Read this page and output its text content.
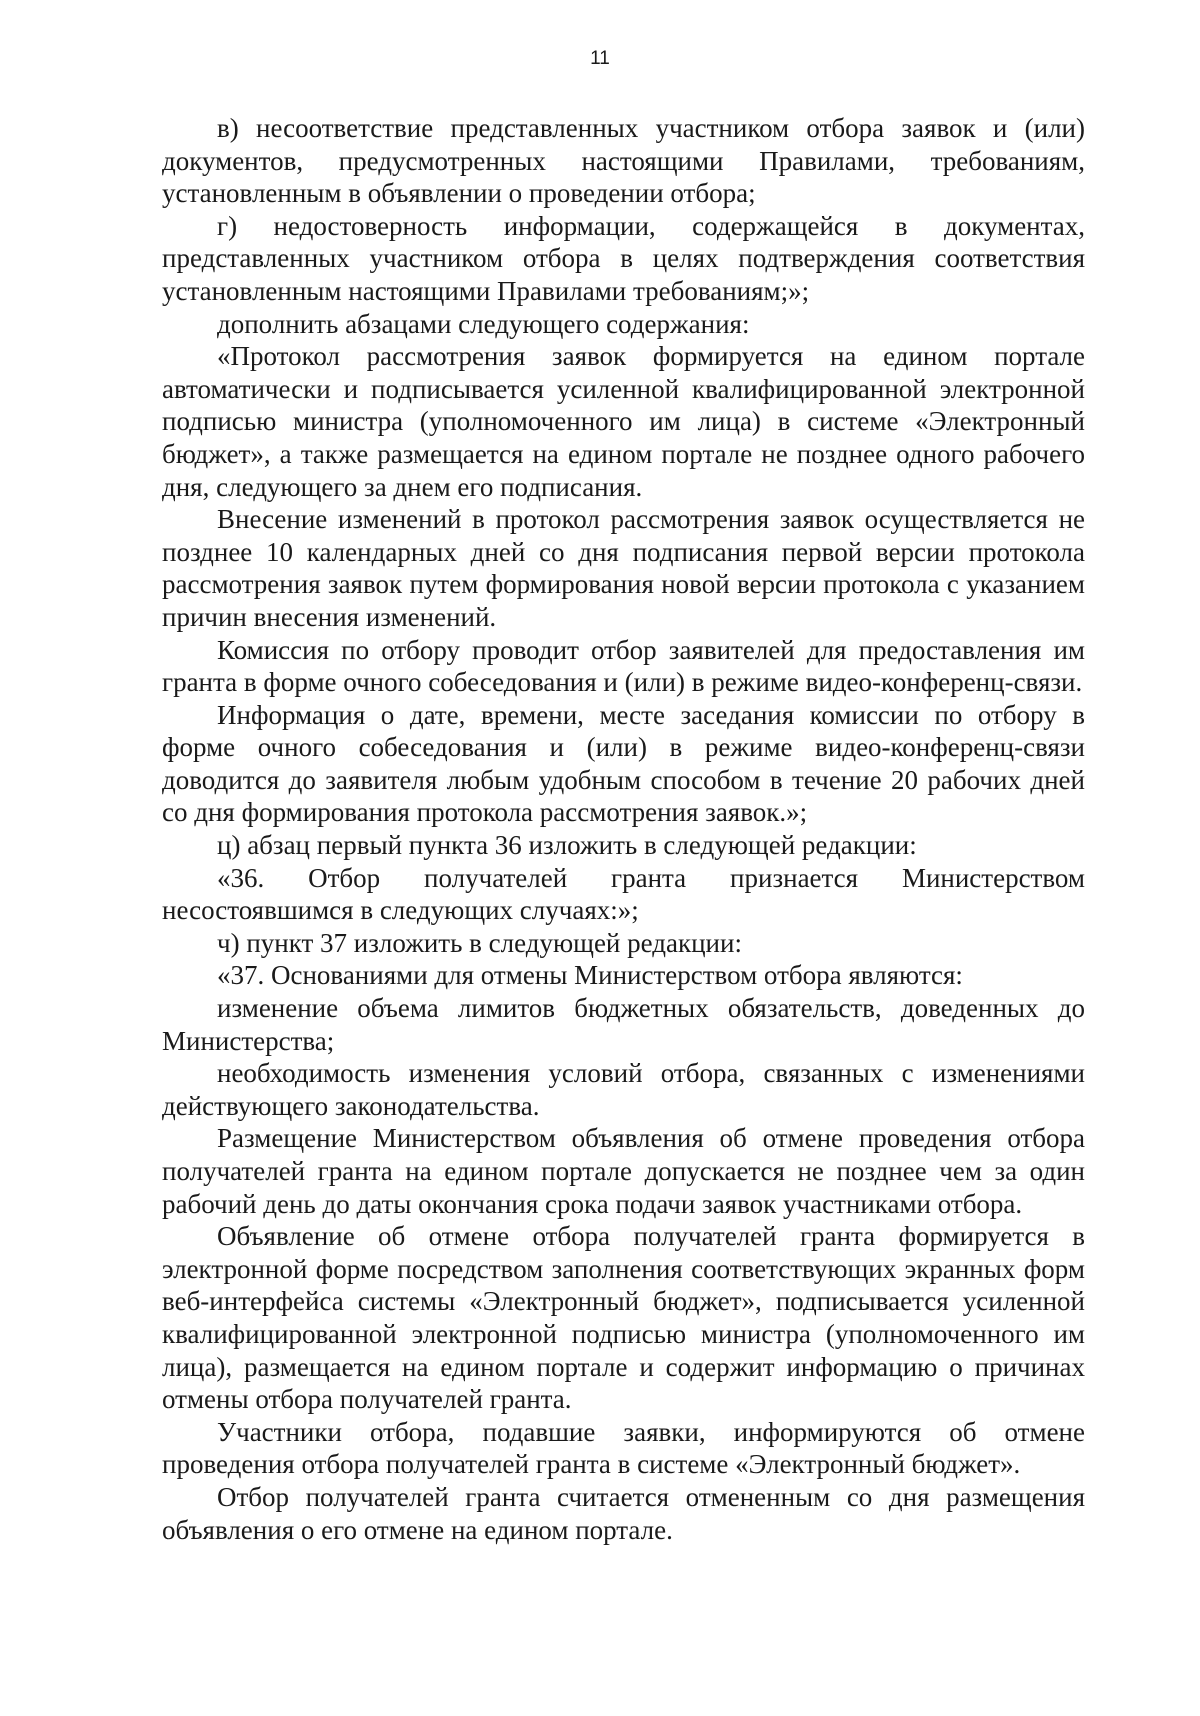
11

в) несоответствие представленных участником отбора заявок и (или) документов, предусмотренных настоящими Правилами, требованиям, установленным в объявлении о проведении отбора;

г) недостоверность информации, содержащейся в документах, представленных участником отбора в целях подтверждения соответствия установленным настоящими Правилами требованиям;»;

дополнить абзацами следующего содержания:

«Протокол рассмотрения заявок формируется на едином портале автоматически и подписывается усиленной квалифицированной электронной подписью министра (уполномоченного им лица) в системе «Электронный бюджет», а также размещается на едином портале не позднее одного рабочего дня, следующего за днем его подписания.

Внесение изменений в протокол рассмотрения заявок осуществляется не позднее 10 календарных дней со дня подписания первой версии протокола рассмотрения заявок путем формирования новой версии протокола с указанием причин внесения изменений.

Комиссия по отбору проводит отбор заявителей для предоставления им гранта в форме очного собеседования и (или) в режиме видео-конференц-связи.

Информация о дате, времени, месте заседания комиссии по отбору в форме очного собеседования и (или) в режиме видео-конференц-связи доводится до заявителя любым удобным способом в течение 20 рабочих дней со дня формирования протокола рассмотрения заявок.»;

ц) абзац первый пункта 36 изложить в следующей редакции:

«36. Отбор получателей гранта признается Министерством несостоявшимся в следующих случаях:»;

ч) пункт 37 изложить в следующей редакции:

«37. Основаниями для отмены Министерством отбора являются:

изменение объема лимитов бюджетных обязательств, доведенных до Министерства;

необходимость изменения условий отбора, связанных с изменениями действующего законодательства.

Размещение Министерством объявления об отмене проведения отбора получателей гранта на едином портале допускается не позднее чем за один рабочий день до даты окончания срока подачи заявок участниками отбора.

Объявление об отмене отбора получателей гранта формируется в электронной форме посредством заполнения соответствующих экранных форм веб-интерфейса системы «Электронный бюджет», подписывается усиленной квалифицированной электронной подписью министра (уполномоченного им лица), размещается на едином портале и содержит информацию о причинах отмены отбора получателей гранта.

Участники отбора, подавшие заявки, информируются об отмене проведения отбора получателей гранта в системе «Электронный бюджет».

Отбор получателей гранта считается отмененным со дня размещения объявления о его отмене на едином портале.
